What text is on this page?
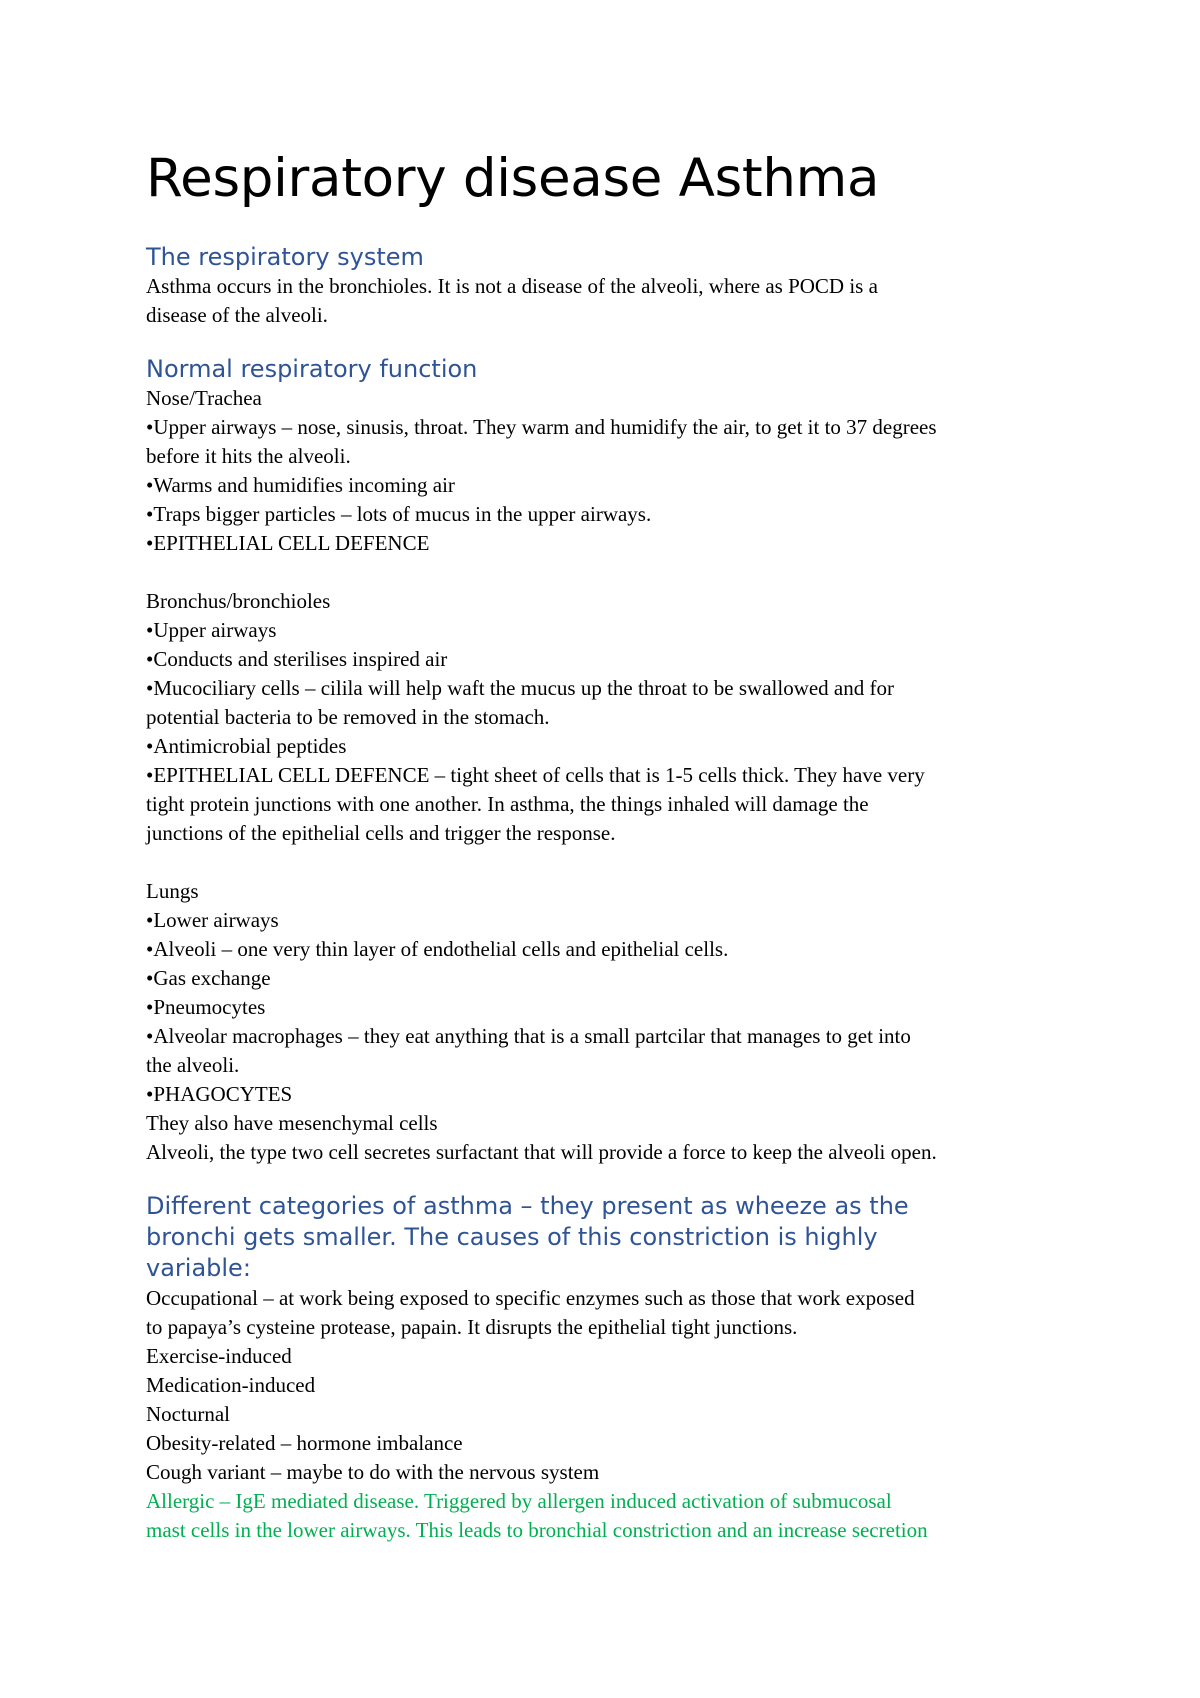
Respiratory disease Asthma
The respiratory system

Asthma occurs in the bronchioles. It is not a disease of the alveoli, where as POCD is a

disease of the alveoli.

Normal respiratory function

Nose/Trachea

•Upper airways – nose, sinusis, throat. They warm and humidify the air, to get it to 37 degrees

before it hits the alveoli.

•Warms and humidifies incoming air

•Traps bigger particles – lots of mucus in the upper airways.

•EPITHELIAL CELL DEFENCE

Bronchus/bronchioles

•Upper airways

•Conducts and sterilises inspired air

•Mucociliary cells – cilila will help waft the mucus up the throat to be swallowed and for

potential bacteria to be removed in the stomach.

•Antimicrobial peptides

•EPITHELIAL CELL DEFENCE – tight sheet of cells that is 1-5 cells thick. They have very

tight protein junctions with one another. In asthma, the things inhaled will damage the

junctions of the epithelial cells and trigger the response.

Lungs

•Lower airways

•Alveoli – one very thin layer of endothelial cells and epithelial cells.

•Gas exchange

•Pneumocytes

•Alveolar macrophages – they eat anything that is a small partcilar that manages to get into

the alveoli.

•PHAGOCYTES

They also have mesenchymal cells

Alveoli, the type two cell secretes surfactant that will provide a force to keep the alveoli open.

Different categories of asthma – they present as wheeze as the
bronchi gets smaller. The causes of this constriction is highly
variable:

Occupational – at work being exposed to specific enzymes such as those that work exposed

to papaya’s cysteine protease, papain. It disrupts the epithelial tight junctions.

Exercise-induced

Medication-induced

Nocturnal

Obesity-related – hormone imbalance

Cough variant – maybe to do with the nervous system

Allergic – IgE mediated disease. Triggered by allergen induced activation of submucosal

mast cells in the lower airways. This leads to bronchial constriction and an increase secretion
